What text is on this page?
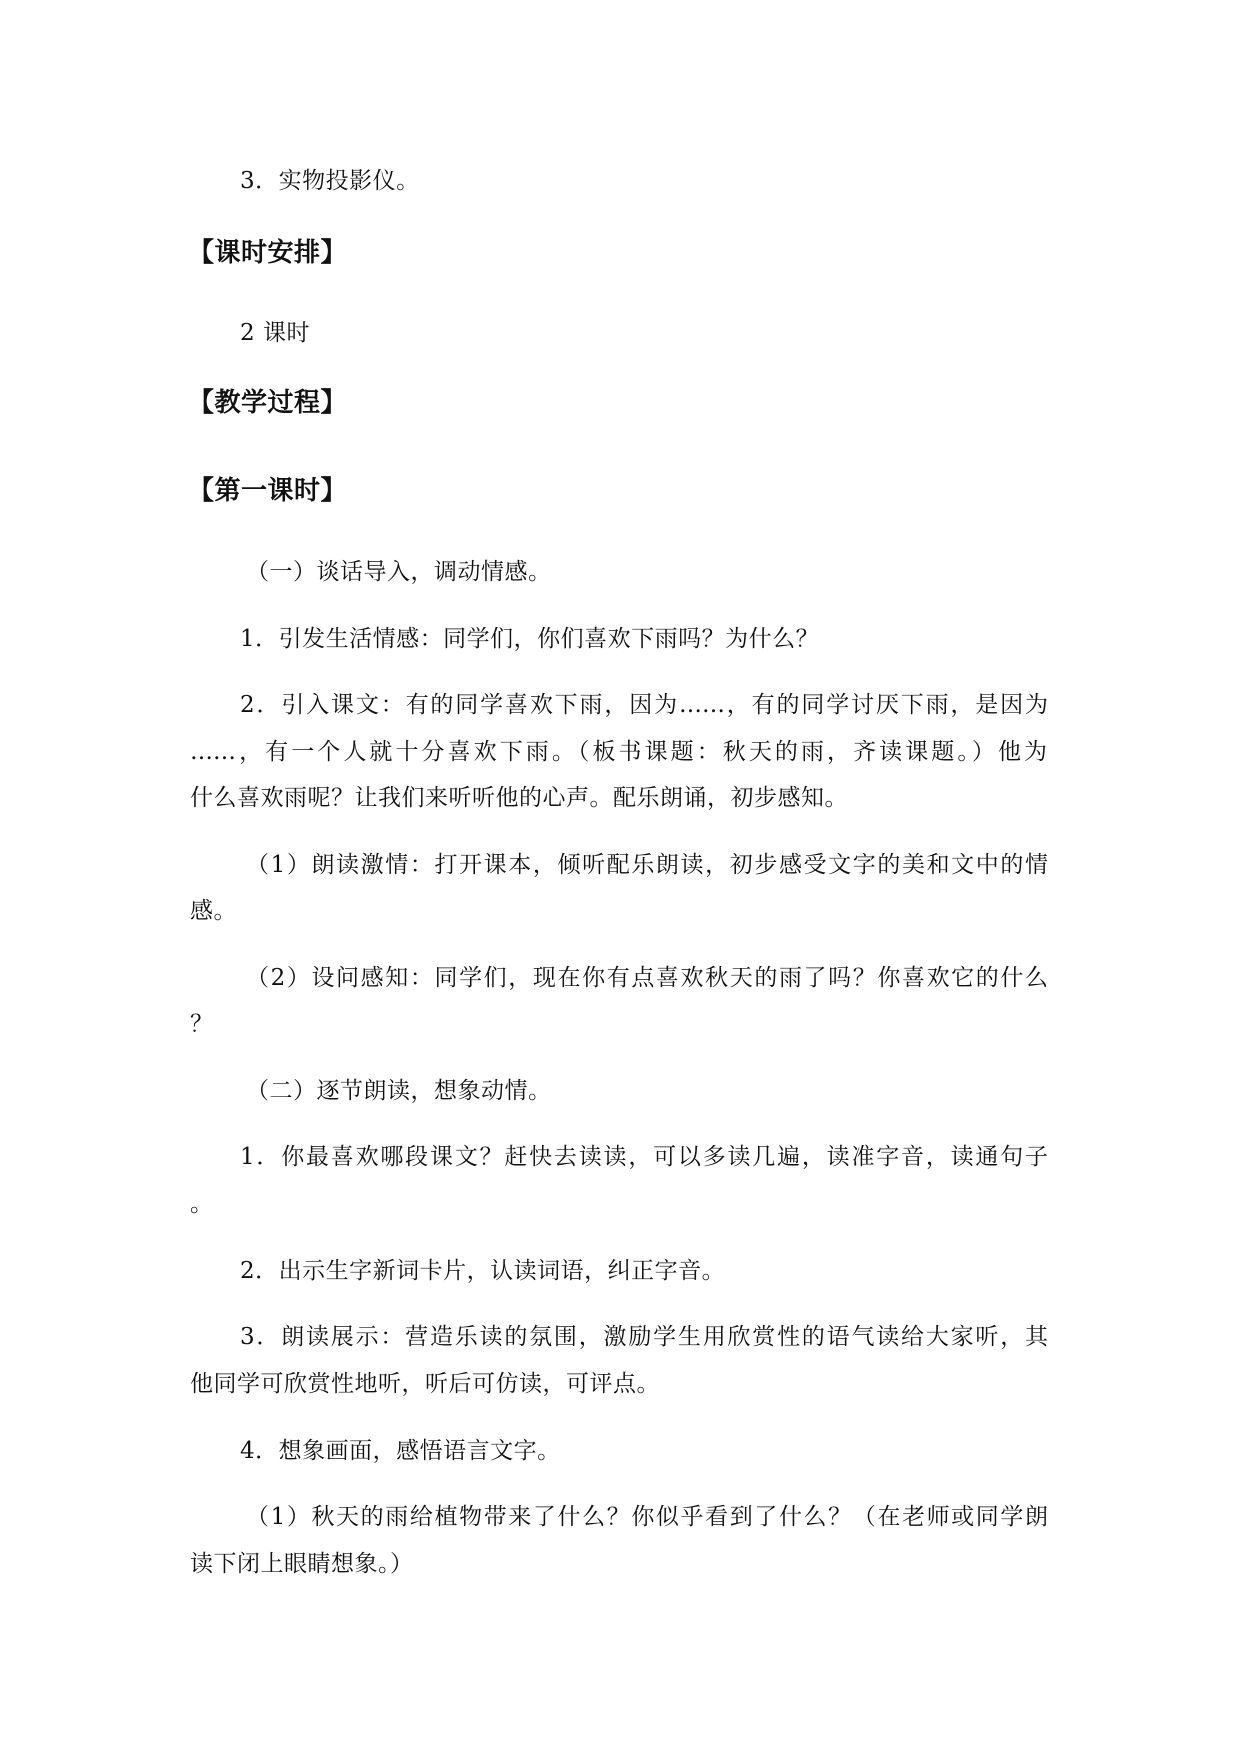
3．实物投影仪。
【课时安排】
2 课时
【教学过程】
【第一课时】
（一）谈话导入，调动情感。
1．引发生活情感：同学们，你们喜欢下雨吗？为什么？
2．引入课文：有的同学喜欢下雨，因为……，有的同学讨厌下雨，是因为
……，有一个人就十分喜欢下雨。（板书课题：秋天的雨，齐读课题。）他为
什么喜欢雨呢？让我们来听听他的心声。配乐朗诵，初步感知。
（1）朗读激情：打开课本，倾听配乐朗读，初步感受文字的美和文中的情
感。
（2）设问感知：同学们，现在你有点喜欢秋天的雨了吗？你喜欢它的什么
？
（二）逐节朗读，想象动情。
1．你最喜欢哪段课文？赶快去读读，可以多读几遍，读准字音，读通句子
。
2．出示生字新词卡片，认读词语，纠正字音。
3．朗读展示：营造乐读的氛围，激励学生用欣赏性的语气读给大家听，其
他同学可欣赏性地听，听后可仿读，可评点。
4．想象画面，感悟语言文字。
（1）秋天的雨给植物带来了什么？你似乎看到了什么？（在老师或同学朗
读下闭上眼睛想象。）
